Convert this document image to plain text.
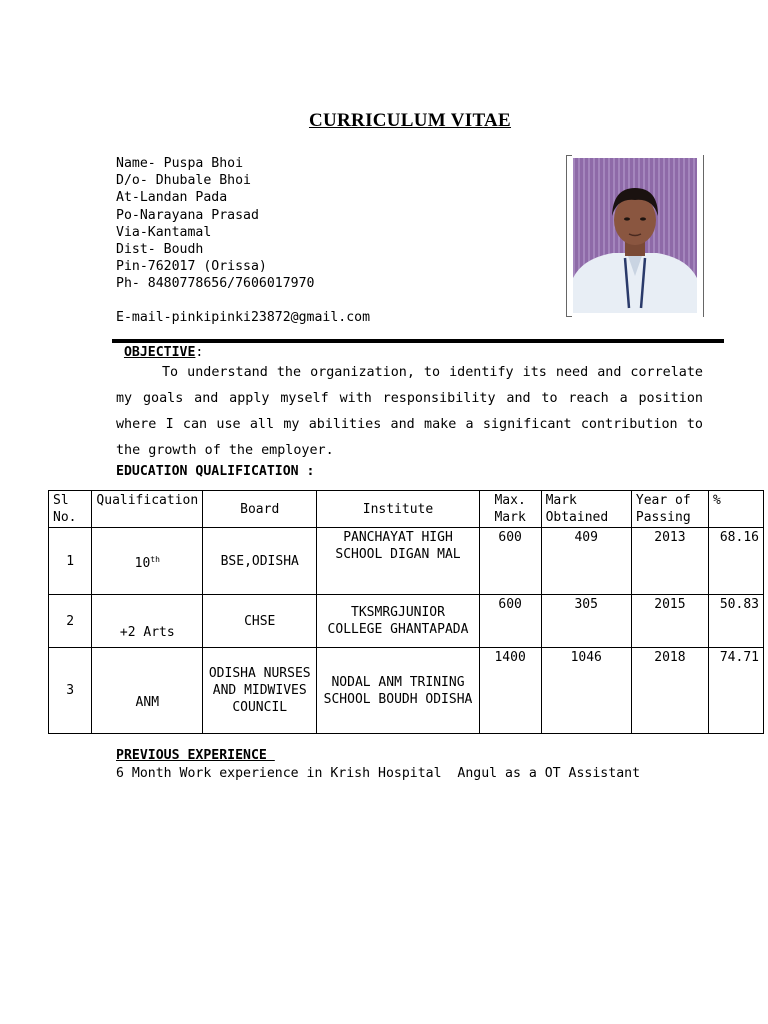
CURRICULUM VITAE
Name- Puspa Bhoi
D/o- Dhubale Bhoi
At-Landan Pada
Po-Narayana Prasad
Via-Kantamal
Dist- Boudh
Pin-762017 (Orissa)
Ph- 8480778656/7606017970
E-mail-pinkipinki23872@gmail.com
OBJECTIVE:
To understand the organization, to identify its need and correlate my goals and apply myself with responsibility and to reach a position where I can use all my abilities and make a significant contribution to the growth of the employer.
EDUCATION QUALIFICATION :
Sl No.	Qualification	Board	Institute	Max. Mark	Mark Obtained	Year of Passing	%
1	10th	BSE,ODISHA	PANCHAYAT HIGH SCHOOL DIGAN MAL	600	409	2013	68.16
2	+2 Arts	CHSE	TKSMRGJUNIOR COLLEGE GHANTAPADA	600	305	2015	50.83
3	ANM	ODISHA NURSES AND MIDWIVES COUNCIL	NODAL ANM TRINING SCHOOL BOUDH ODISHA	1400	1046	2018	74.71
PREVIOUS EXPERIENCE
6 Month Work experience in Krish Hospital  Angul as a OT Assistant
